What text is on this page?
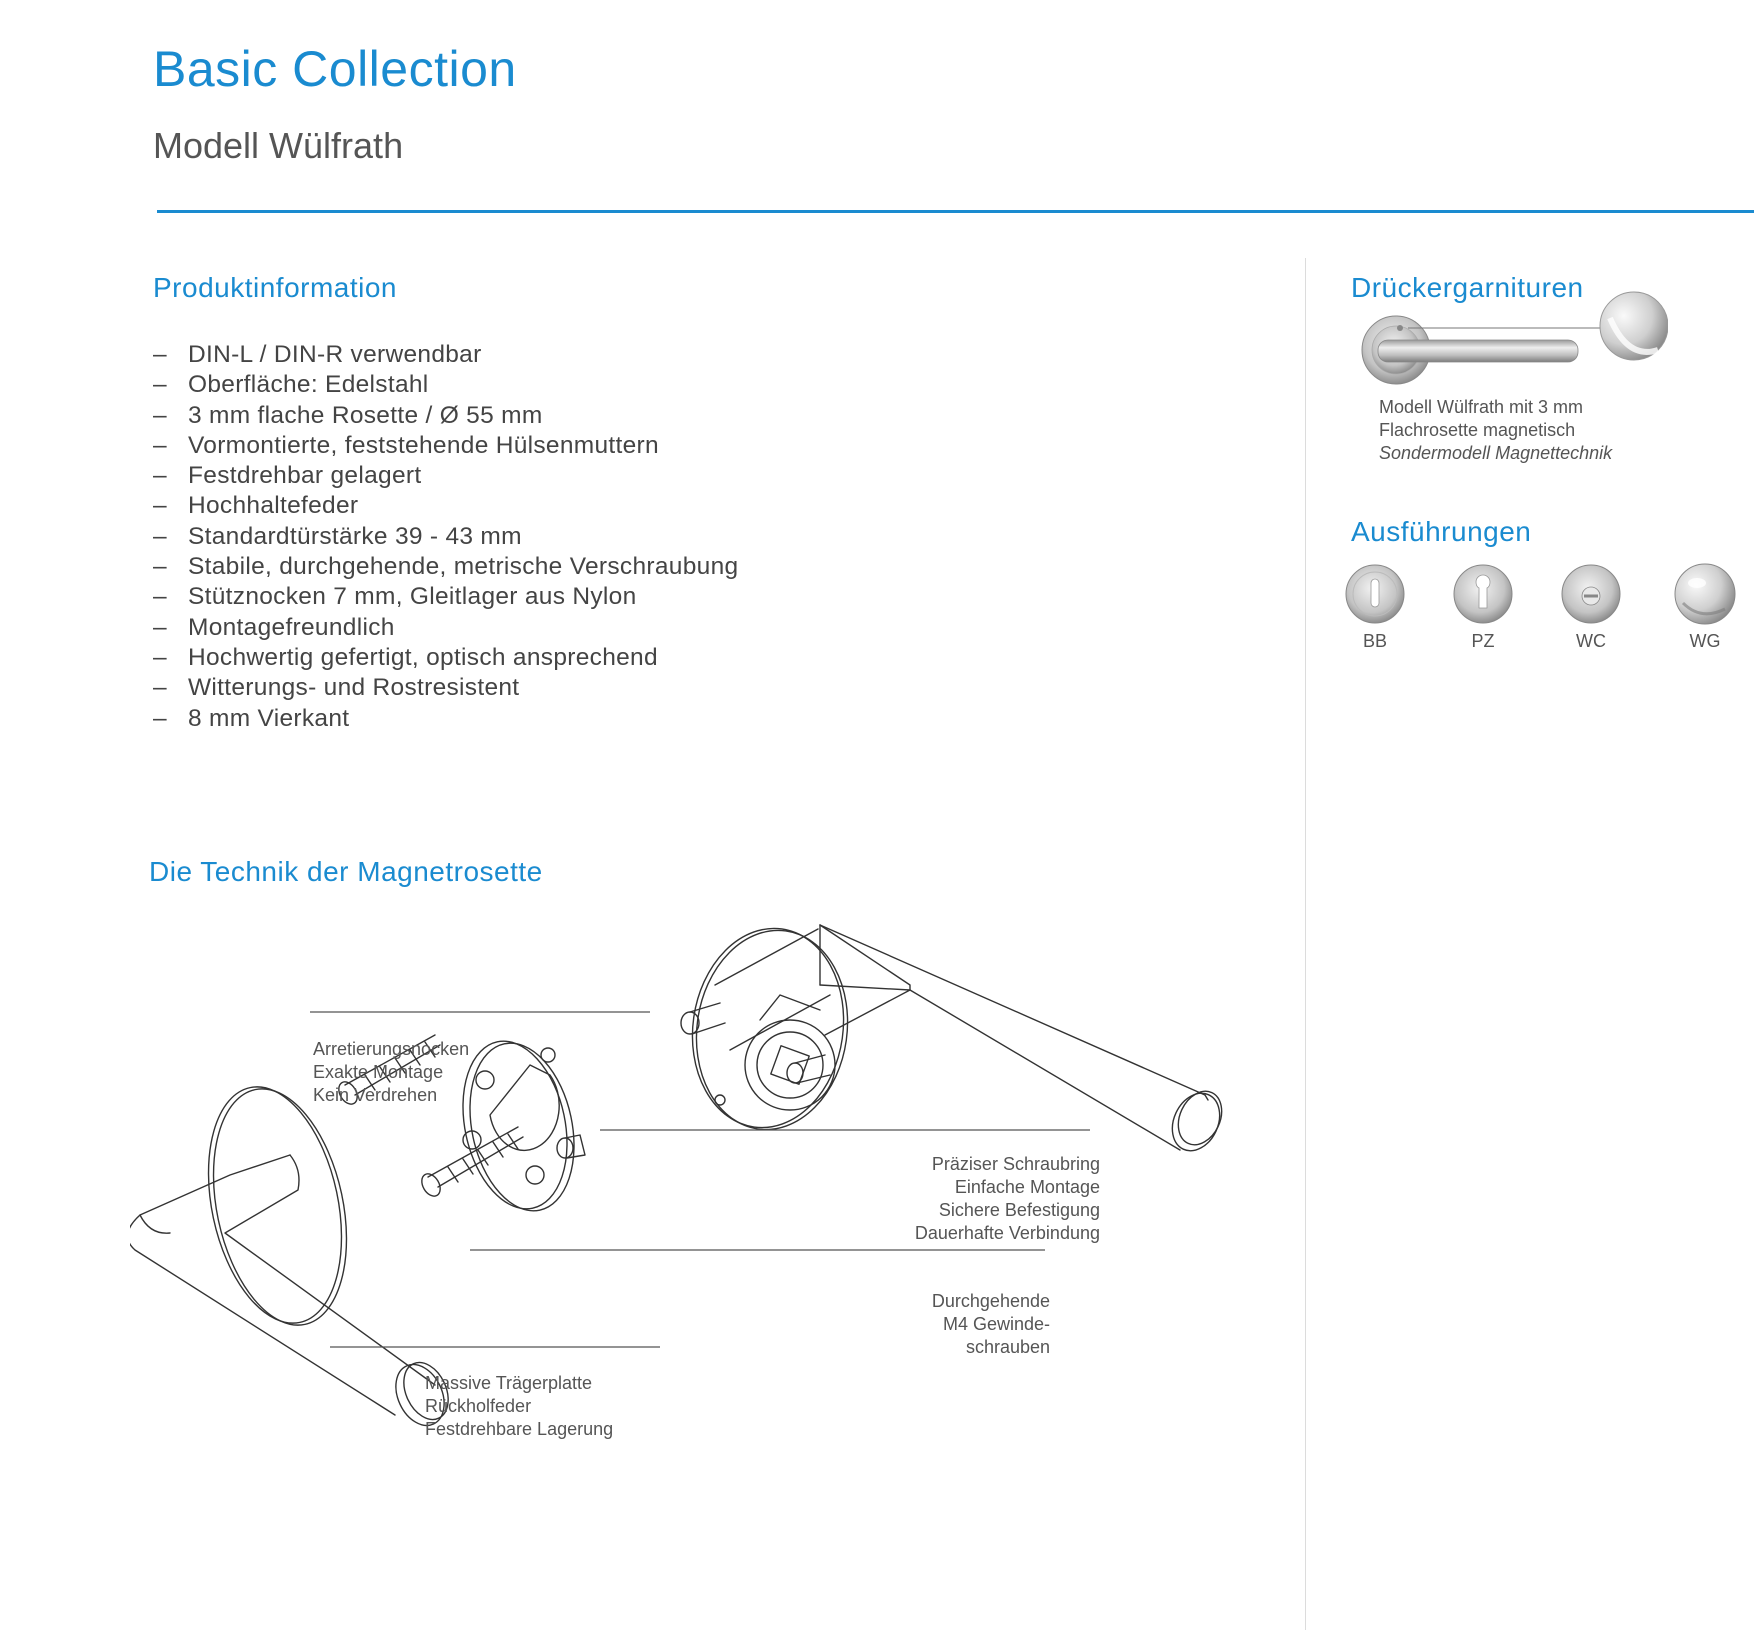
Basic Collection
Modell Wülfrath
Produktinformation
– DIN-L / DIN-R verwendbar
– Oberfläche: Edelstahl
– 3 mm flache Rosette / Ø 55 mm
– Vormontierte, feststehende Hülsenmuttern
– Festdrehbar gelagert
– Hochhaltefeder
– Standardtürstärke 39 - 43 mm
– Stabile, durchgehende, metrische Verschraubung
– Stütznocken 7 mm, Gleitlager aus Nylon
– Montagefreundlich
– Hochwertig gefertigt, optisch ansprechend
– Witterungs- und Rostresistent
– 8 mm Vierkant
Die Technik der Magnetrosette
Arretierungsnocken
Exakte Montage
Kein Verdrehen
Präziser Schraubring
Einfache Montage
Sichere Befestigung
Dauerhafte Verbindung
Durchgehende
M4 Gewinde-
schrauben
Massive Trägerplatte
Rückholfeder
Festdrehbare Lagerung
Drückergarnituren
Modell Wülfrath mit 3 mm
Flachrosette magnetisch
Sondermodell Magnettechnik
Ausführungen
BB	PZ	WC	WG
